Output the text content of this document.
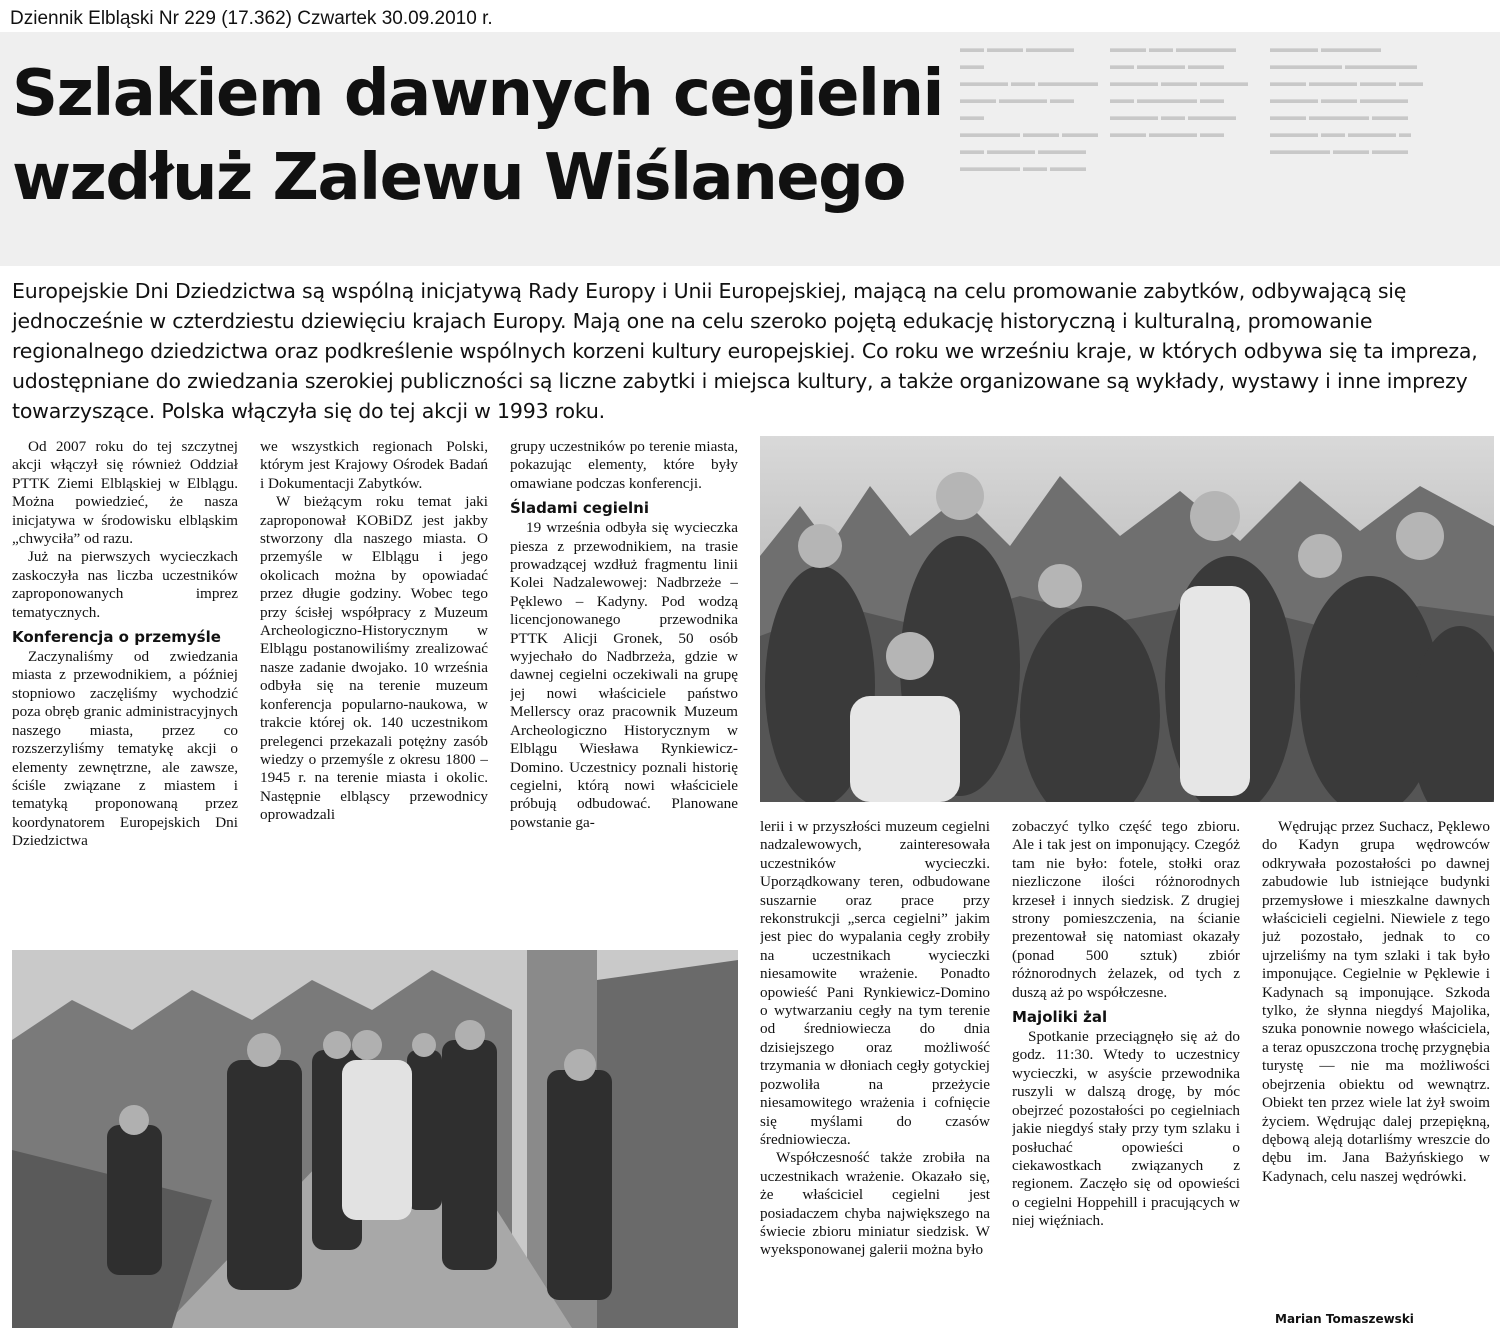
Dziennik Elbląski Nr 229 (17.362) Czwartek 30.09.2010 r.
▬▬ ▬▬▬ ▬▬▬▬ ▬▬
▬▬▬▬ ▬▬ ▬▬▬▬▬
▬▬▬ ▬▬▬▬ ▬▬ ▬▬
▬▬▬▬▬ ▬▬▬ ▬▬▬
▬▬ ▬▬▬▬ ▬▬▬▬
▬▬▬▬▬ ▬▬ ▬▬▬
▬▬▬ ▬▬ ▬▬▬▬▬
▬▬ ▬▬▬▬ ▬▬▬
▬▬▬▬ ▬▬▬ ▬▬▬▬
▬▬ ▬▬▬▬▬ ▬▬
▬▬▬▬ ▬▬ ▬▬▬▬
▬▬▬ ▬▬▬▬ ▬▬
▬▬▬▬ ▬▬▬▬▬
▬▬▬▬▬▬ ▬▬▬▬▬▬
▬▬▬ ▬▬▬▬ ▬▬▬ ▬▬
▬▬▬▬ ▬▬▬ ▬▬▬▬
▬▬▬ ▬▬▬▬▬ ▬▬▬
▬▬▬▬ ▬▬ ▬▬▬▬ ▬
▬▬▬▬▬ ▬▬▬ ▬▬▬
Szlakiem dawnych cegielni
wzdłuż Zalewu Wiślanego

Europejskie Dni Dziedzictwa są wspólną inicjatywą Rady Europy i Unii Europejskiej, mającą na celu promowanie zabytków, odbywającą się jednocześnie w czterdziestu dziewięciu krajach Europy. Mają one na celu szeroko pojętą edukację historyczną i kulturalną, promowanie regionalnego dziedzictwa oraz podkreślenie wspólnych korzeni kultury europejskiej. Co roku we wrześniu kraje, w których odbywa się ta impreza, udostępniane do zwiedzania szerokiej publiczności są liczne zabytki i miejsca kultury, a także organizowane są wykłady, wystawy i inne imprezy towarzyszące. Polska włączyła się do tej akcji w 1993 roku.

Od 2007 roku do tej szczytnej akcji włączył się również Oddział PTTK Ziemi Elbląskiej w Elblągu. Można powiedzieć, że nasza inicjatywa w środowisku elbląskim „chwyciła” od razu.

Już na pierwszych wycieczkach zaskoczyła nas liczba uczestników zaproponowanych imprez tematycznych.

Konferencja o przemyśle

Zaczynaliśmy od zwiedzania miasta z przewodnikiem, a później stopniowo zaczęliśmy wychodzić poza obręb granic administracyjnych naszego miasta, przez co rozszerzyliśmy tematykę akcji o elementy zewnętrzne, ale zawsze, ściśle związane z miastem i tematyką proponowaną przez koordynatorem Europejskich Dni Dziedzictwa

we wszystkich regionach Polski, którym jest Krajowy Ośrodek Badań i Dokumentacji Zabytków.

W bieżącym roku temat jaki zaproponował KOBiDZ jest jakby stworzony dla naszego miasta. O przemyśle w Elblągu i jego okolicach można by opowiadać przez długie godziny. Wobec tego przy ścisłej współpracy z Muzeum Archeologiczno-Historycznym w Elblągu postanowiliśmy zrealizować nasze zadanie dwojako. 10 września odbyła się na terenie muzeum konferencja popularno-naukowa, w trakcie której ok. 140 uczestnikom prelegenci przekazali potężny zasób wiedzy o przemyśle z okresu 1800 – 1945 r. na terenie miasta i okolic. Następnie elbląscy przewodnicy oprowadzali

grupy uczestników po terenie miasta, pokazując elementy, które były omawiane podczas konferencji.

Śladami cegielni

19 września odbyła się wycieczka piesza z przewodnikiem, na trasie prowadzącej wzdłuż fragmentu linii Kolei Nadzalewowej: Nadbrzeże – Pęklewo – Kadyny. Pod wodzą licencjonowanego przewodnika PTTK Alicji Gronek, 50 osób wyjechało do Nadbrzeża, gdzie w dawnej cegielni oczekiwali na grupę jej nowi właściciele państwo Mellerscy oraz pracownik Muzeum Archeologiczno Historycznym w Elblągu Wiesława Rynkiewicz-Domino. Uczestnicy poznali historię cegielni, którą nowi właściciele próbują odbudować. Planowane powstanie ga-	lerii i w przyszłości muzeum cegielni nadzalewowych, zainteresowała uczestników wycieczki. Uporządkowany teren, odbudowane suszarnie oraz prace przy rekonstrukcji „serca cegielni” jakim jest piec do wypalania cegły zrobiły na uczestnikach wycieczki niesamowite wrażenie. Ponadto opowieść Pani Rynkiewicz-Domino o wytwarzaniu cegły na tym terenie od średniowiecza do dnia dzisiejszego oraz możliwość trzymania w dłoniach cegły gotyckiej pozwoliła na przeżycie niesamowitego wrażenia i cofnięcie się myślami do czasów średniowiecza.

Współczesność także zrobiła na uczestnikach wrażenie. Okazało się, że właściciel cegielni jest posiadaczem chyba największego na świecie zbioru miniatur siedzisk. W wyeksponowanej galerii można było

zobaczyć tylko część tego zbioru. Ale i tak jest on imponujący. Czegóż tam nie było: fotele, stołki oraz niezliczone ilości różnorodnych krzeseł i innych siedzisk. Z drugiej strony pomieszczenia, na ścianie prezentował się natomiast okazały (ponad 500 sztuk) zbiór różnorodnych żelazek, od tych z duszą aż po współczesne.

Majoliki żal

Spotkanie przeciągnęło się aż do godz. 11:30. Wtedy to uczestnicy wycieczki, w asyście przewodnika ruszyli w dalszą drogę, by móc obejrzeć pozostałości po cegielniach jakie niegdyś stały przy tym szlaku i posłuchać opowieści o ciekawostkach związanych z regionem. Zaczęło się od opowieści o cegielni Hoppehill i pracujących w niej więźniach.

Wędrując przez Suchacz, Pęklewo do Kadyn grupa wędrowców odkrywała pozostałości po dawnej zabudowie lub istniejące budynki przemysłowe i mieszkalne dawnych właścicieli cegielni. Niewiele z tego już pozostało, jednak to co ujrzeliśmy na tym szlaki i tak było imponujące. Cegielnie w Pęklewie i Kadynach są imponujące. Szkoda tylko, że słynna niegdyś Majolika, szuka ponownie nowego właściciela, a teraz opuszczona trochę przygnębia turystę — nie ma możliwości obejrzenia obiektu od wewnątrz. Obiekt ten przez wiele lat żył swoim życiem. Wędrując dalej przepiękną, dębową aleją dotarliśmy wreszcie do dębu im. Jana Bażyńskiego w Kadynach, celu naszej wędrówki.

Marian Tomaszewski
